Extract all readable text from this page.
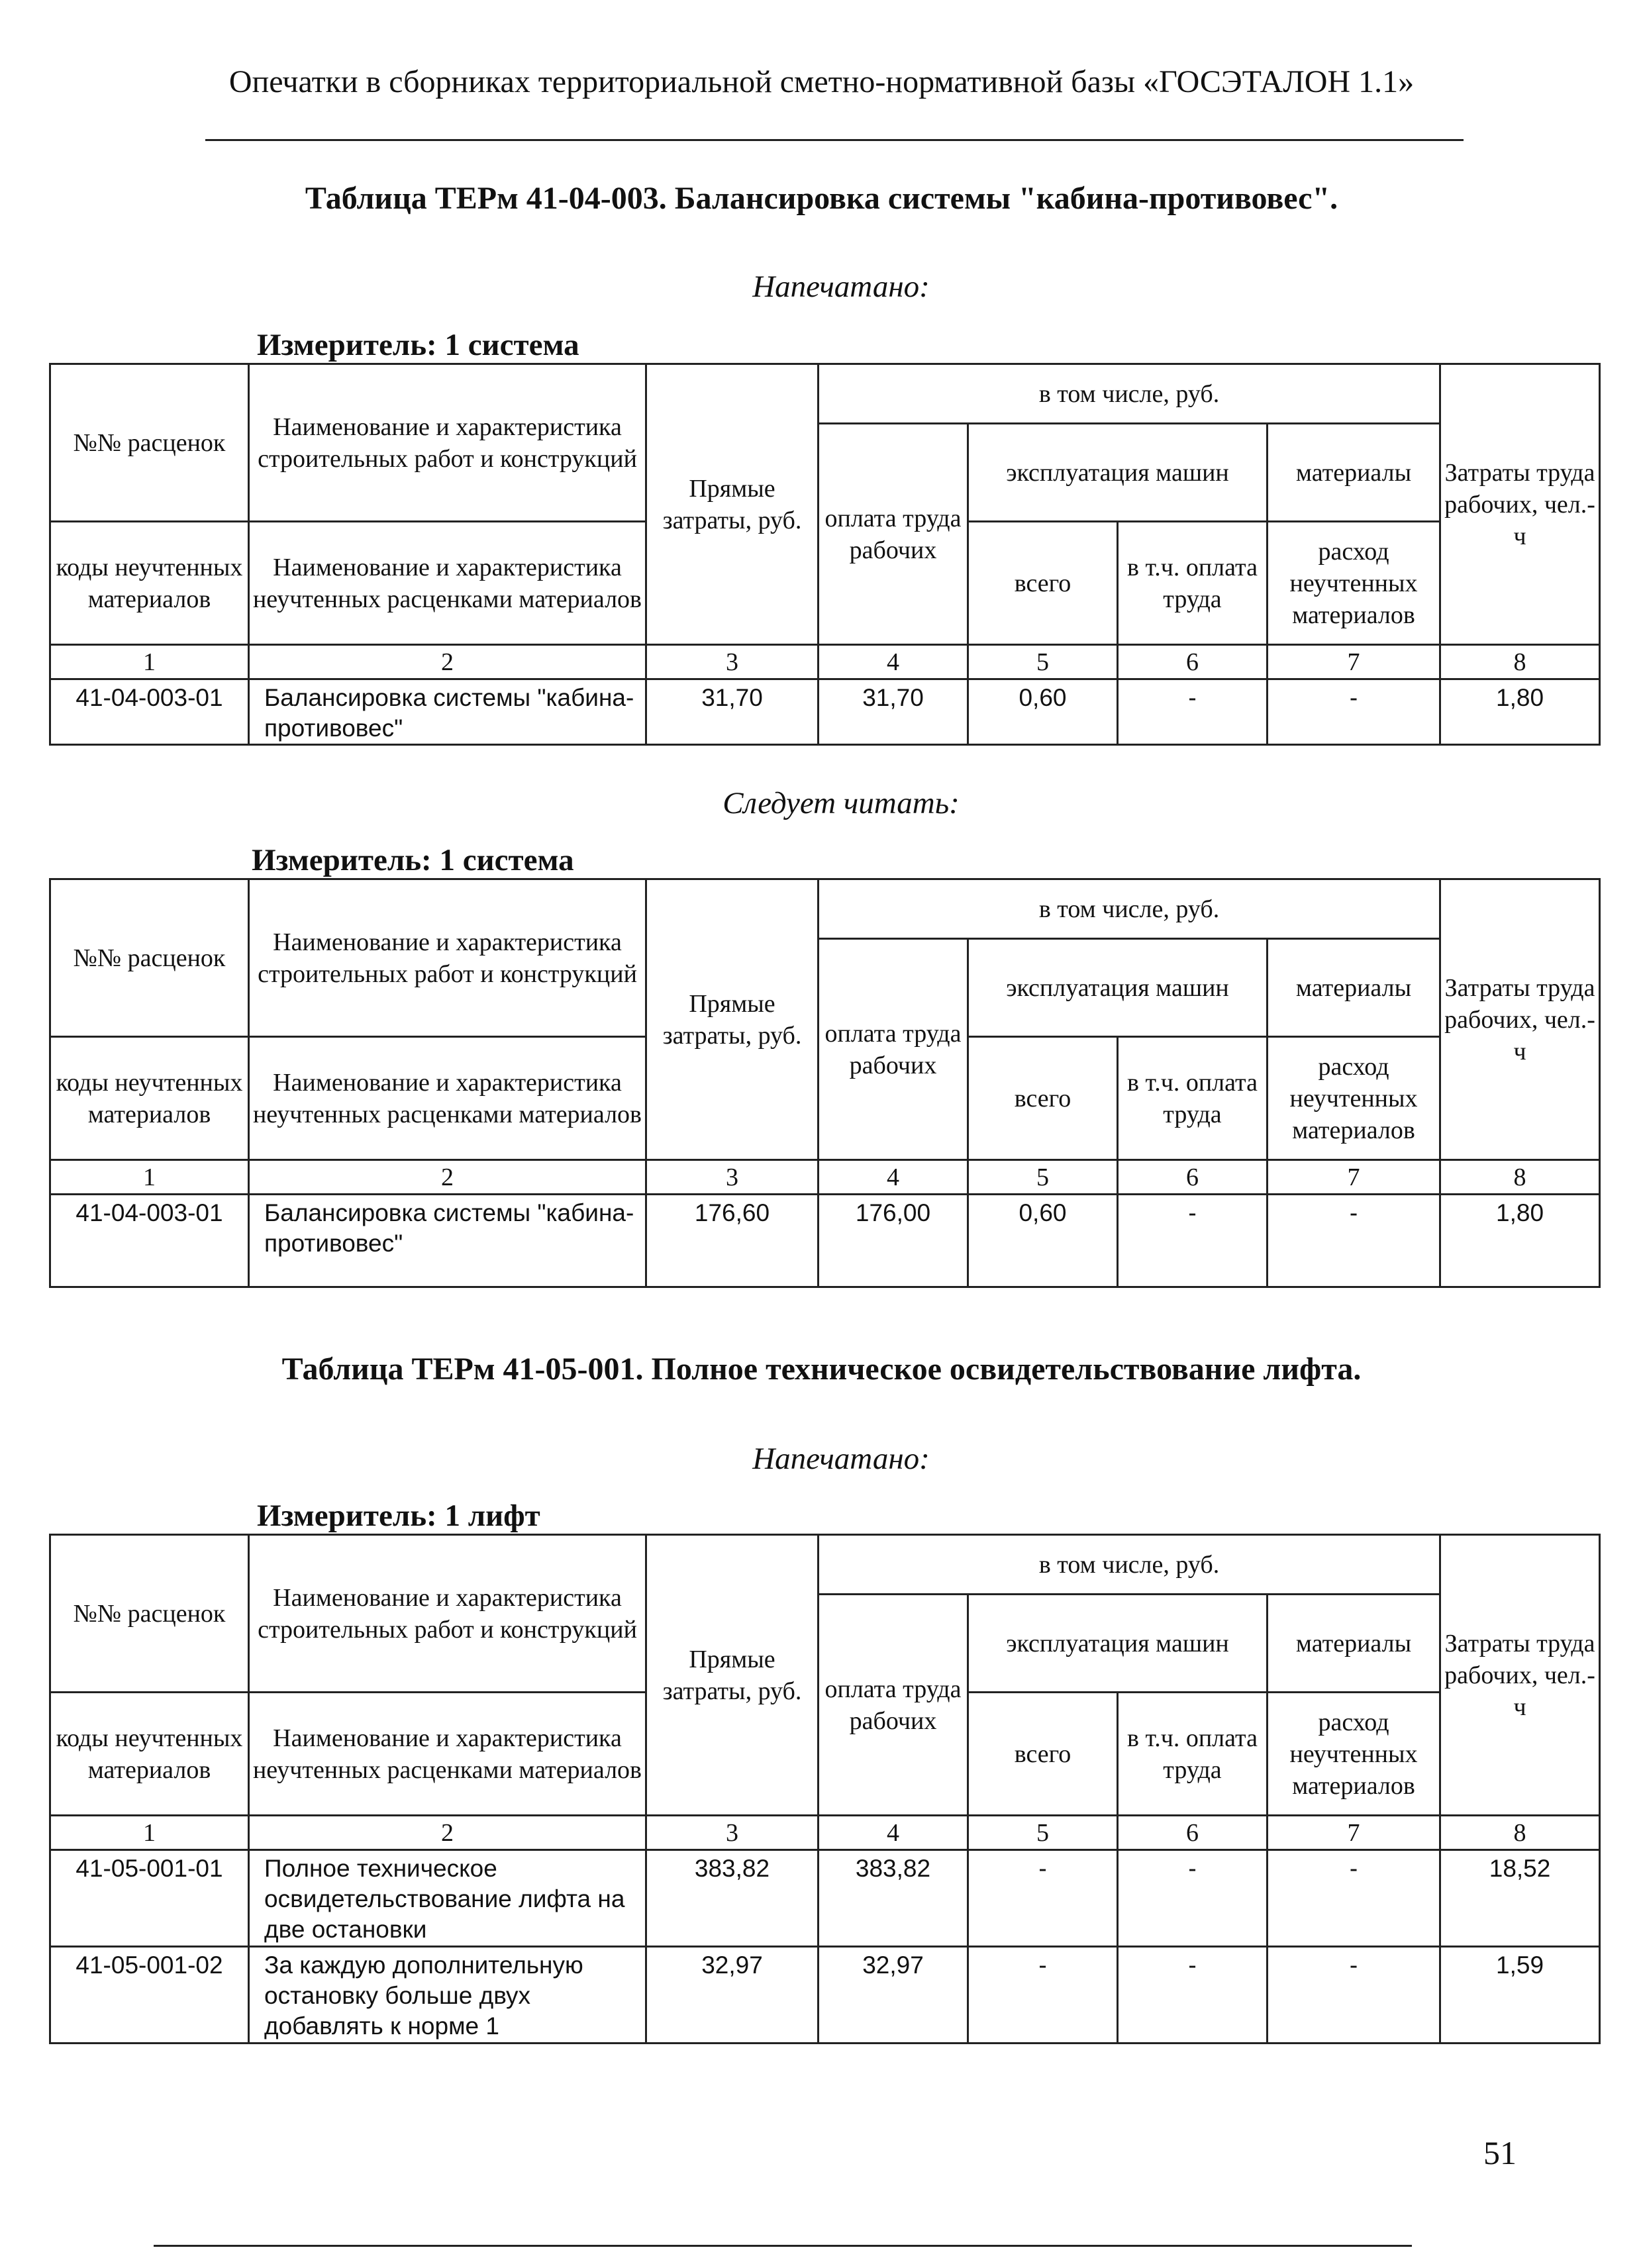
Опечатки в сборниках территориальной сметно-нормативной базы «ГОСЭТАЛОН 1.1»
Таблица ТЕРм 41-04-003. Балансировка системы "кабина-противовес".
Напечатано:
Измеритель: 1 система
№№ расценок	Наименование и характеристика строительных работ и конструкций	Прямые затраты, руб.	в том числе, руб.				Затраты труда рабочих, чел.-ч
			оплата труда рабочих	эксплуатация машин		материалы	
коды неучтенных материалов	Наименование и характеристика неучтенных расценками материалов			всего	в т.ч. оплата труда	расход неучтенных материалов	
1	2	3	4	5	6	7	8
41-04-003-01	Балансировка системы "кабина-противовес"	31,70	31,70	0,60	-	-	1,80
Следует читать:
Измеритель: 1 система
№№ расценок	Наименование и характеристика строительных работ и конструкций	Прямые затраты, руб.	в том числе, руб.				Затраты труда рабочих, чел.-ч
			оплата труда рабочих	эксплуатация машин		материалы	
коды неучтенных материалов	Наименование и характеристика неучтенных расценками материалов			всего	в т.ч. оплата труда	расход неучтенных материалов	
1	2	3	4	5	6	7	8
41-04-003-01	Балансировка системы "кабина-противовес"	176,60	176,00	0,60	-	-	1,80
Таблица ТЕРм 41-05-001. Полное техническое освидетельствование лифта.
Напечатано:
Измеритель: 1 лифт
№№ расценок	Наименование и характеристика строительных работ и конструкций	Прямые затраты, руб.	в том числе, руб.				Затраты труда рабочих, чел.-ч
			оплата труда рабочих	эксплуатация машин		материалы	
коды неучтенных материалов	Наименование и характеристика неучтенных расценками материалов			всего	в т.ч. оплата труда	расход неучтенных материалов	
1	2	3	4	5	6	7	8
41-05-001-01	Полное техническое освидетельствование лифта на две остановки	383,82	383,82	-	-	-	18,52
41-05-001-02	За каждую дополнительную остановку больше двух добавлять к норме 1	32,97	32,97	-	-	-	1,59
51
